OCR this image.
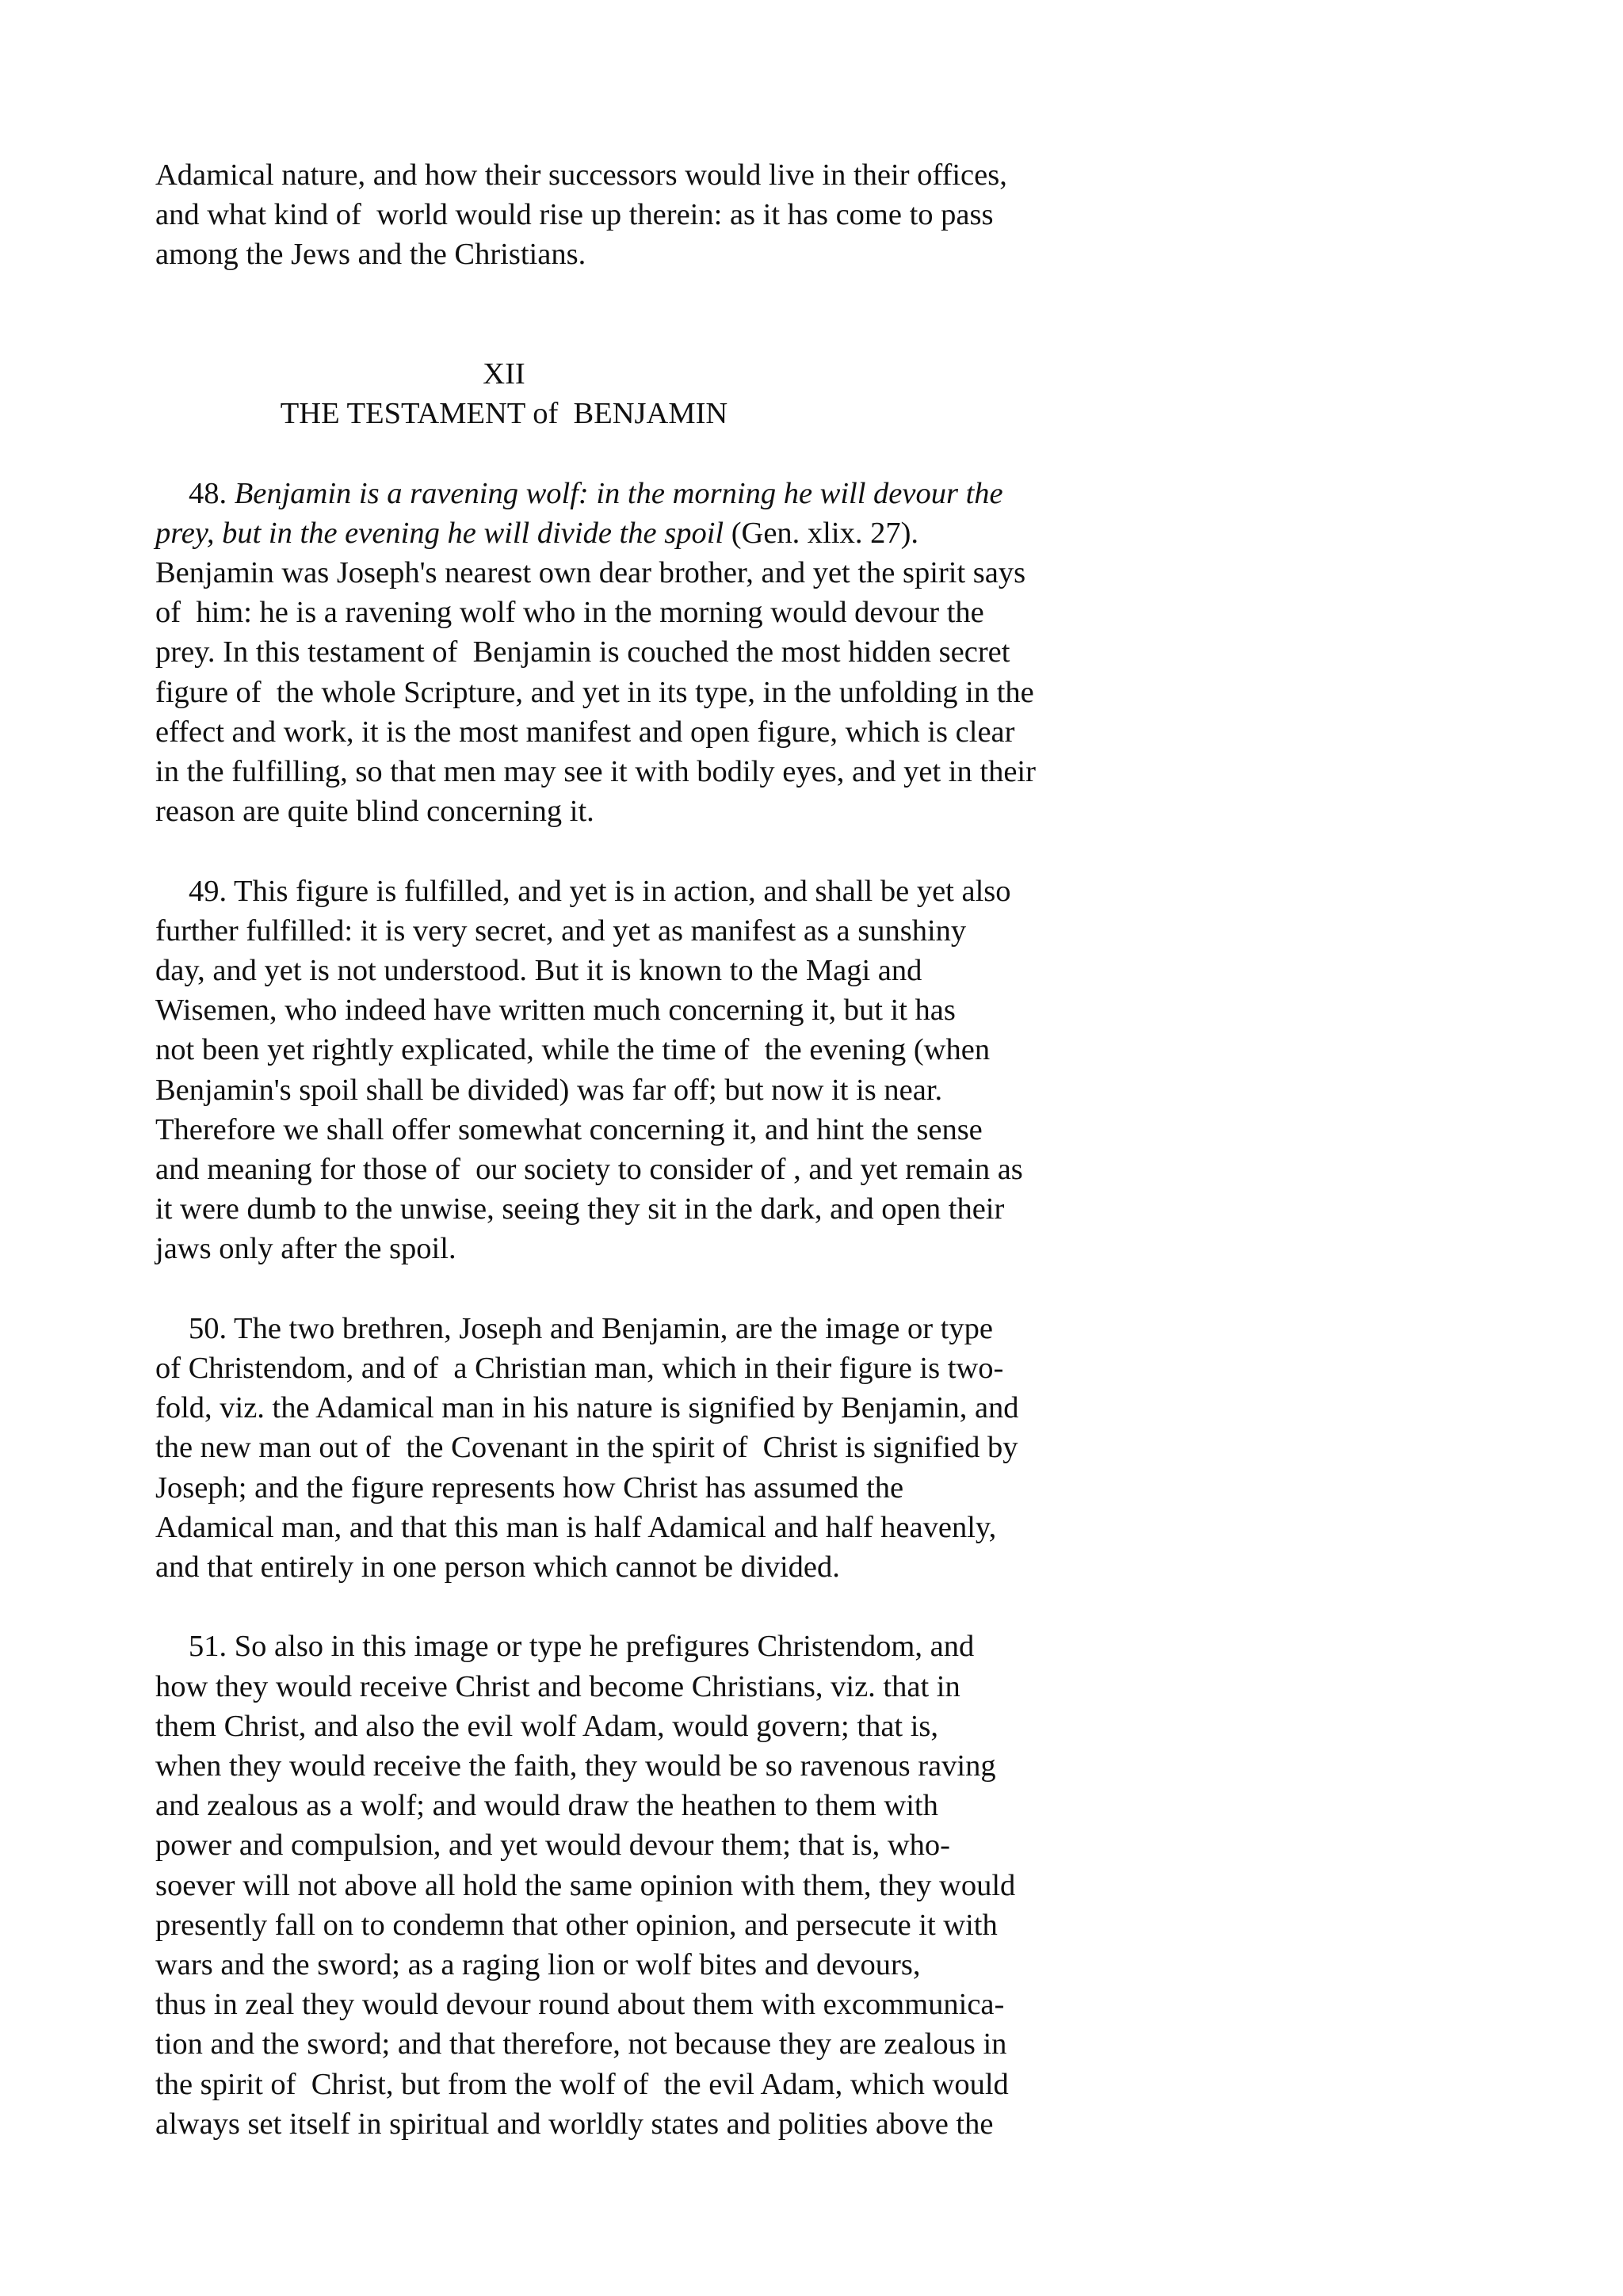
Adamical nature, and how their successors would live in their offices,
and what kind of  world would rise up therein: as it has come to pass
among the Jews and the Christians.
XII
THE TESTAMENT of  BENJAMIN
48. Benjamin is a ravening wolf: in the morning he will devour the
prey, but in the evening he will divide the spoil (Gen. xlix. 27).
Benjamin was Joseph's nearest own dear brother, and yet the spirit says
of  him: he is a ravening wolf who in the morning would devour the
prey. In this testament of  Benjamin is couched the most hidden secret
figure of  the whole Scripture, and yet in its type, in the unfolding in the
effect and work, it is the most manifest and open figure, which is clear
in the fulfilling, so that men may see it with bodily eyes, and yet in their
reason are quite blind concerning it.
49. This figure is fulfilled, and yet is in action, and shall be yet also
further fulfilled: it is very secret, and yet as manifest as a sunshiny
day, and yet is not understood. But it is known to the Magi and
Wisemen, who indeed have written much concerning it, but it has
not been yet rightly explicated, while the time of  the evening (when
Benjamin's spoil shall be divided) was far off; but now it is near.
Therefore we shall offer somewhat concerning it, and hint the sense
and meaning for those of  our society to consider of , and yet remain as
it were dumb to the unwise, seeing they sit in the dark, and open their
jaws only after the spoil.
50. The two brethren, Joseph and Benjamin, are the image or type
of Christendom, and of  a Christian man, which in their figure is two-
fold, viz. the Adamical man in his nature is signified by Benjamin, and
the new man out of  the Covenant in the spirit of  Christ is signified by
Joseph; and the figure represents how Christ has assumed the
Adamical man, and that this man is half Adamical and half heavenly,
and that entirely in one person which cannot be divided.
51. So also in this image or type he prefigures Christendom, and
how they would receive Christ and become Christians, viz. that in
them Christ, and also the evil wolf Adam, would govern; that is,
when they would receive the faith, they would be so ravenous raving
and zealous as a wolf; and would draw the heathen to them with
power and compulsion, and yet would devour them; that is, who-
soever will not above all hold the same opinion with them, they would
presently fall on to condemn that other opinion, and persecute it with
wars and the sword; as a raging lion or wolf bites and devours,
thus in zeal they would devour round about them with excommunica-
tion and the sword; and that therefore, not because they are zealous in
the spirit of  Christ, but from the wolf of  the evil Adam, which would
always set itself in spiritual and worldly states and polities above the
